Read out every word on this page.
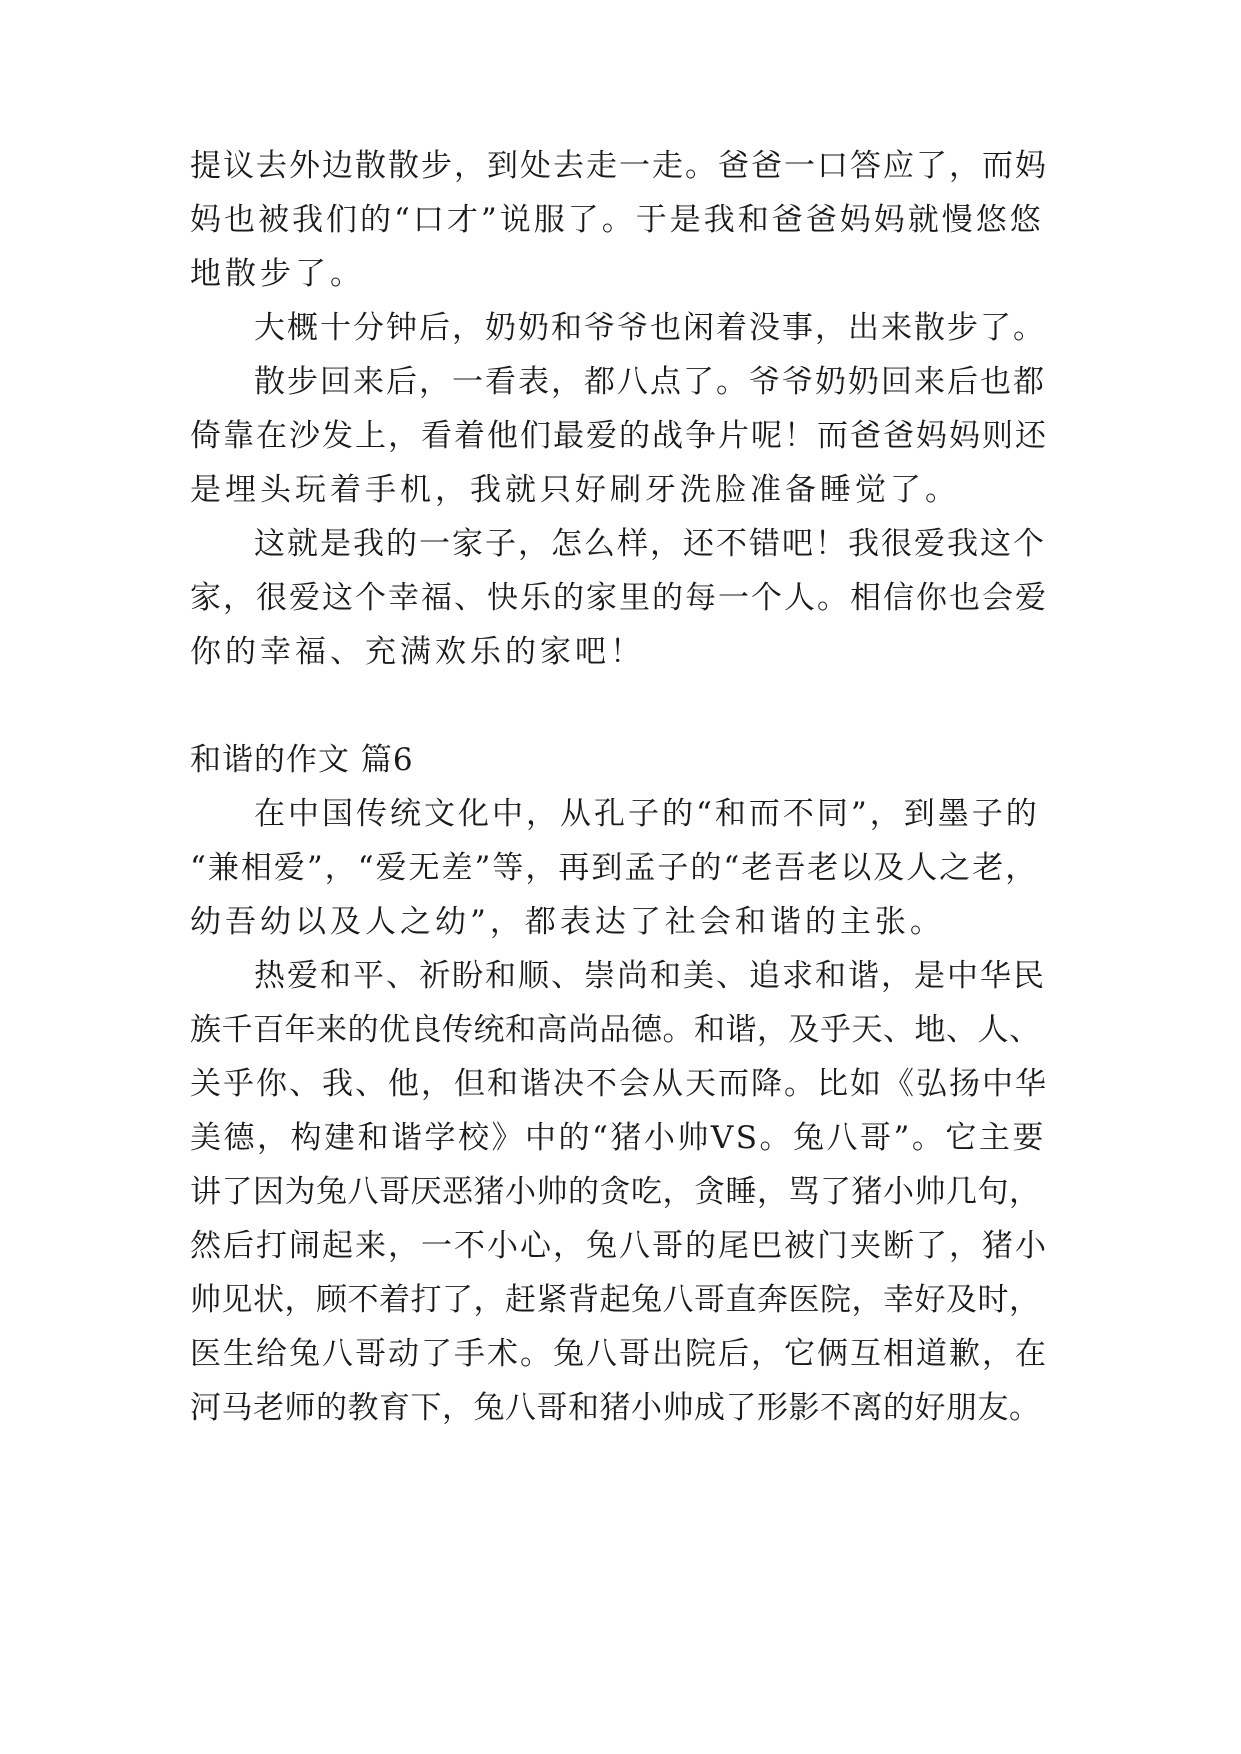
提议去外边散散步，到处去走一走。爸爸一口答应了，而妈
妈也被我们的“口才”说服了。于是我和爸爸妈妈就慢悠悠
地散步了。
大概十分钟后，奶奶和爷爷也闲着没事，出来散步了。
散步回来后，一看表，都八点了。爷爷奶奶回来后也都
倚靠在沙发上，看着他们最爱的战争片呢！而爸爸妈妈则还
是埋头玩着手机，我就只好刷牙洗脸准备睡觉了。
这就是我的一家子，怎么样，还不错吧！我很爱我这个
家，很爱这个幸福、快乐的家里的每一个人。相信你也会爱
你的幸福、充满欢乐的家吧！
和谐的作文 篇6
在中国传统文化中，从孔子的“和而不同”，到墨子的
“兼相爱”，“爱无差”等，再到孟子的“老吾老以及人之老，
幼吾幼以及人之幼”，都表达了社会和谐的主张。
热爱和平、祈盼和顺、崇尚和美、追求和谐，是中华民
族千百年来的优良传统和高尚品德。和谐，及乎天、地、人、
关乎你、我、他，但和谐决不会从天而降。比如《弘扬中华
美德，构建和谐学校》中的“猪小帅VS。兔八哥”。它主要
讲了因为兔八哥厌恶猪小帅的贪吃，贪睡，骂了猪小帅几句，
然后打闹起来，一不小心，兔八哥的尾巴被门夹断了，猪小
帅见状，顾不着打了，赶紧背起兔八哥直奔医院，幸好及时，
医生给兔八哥动了手术。兔八哥出院后，它俩互相道歉，在
河马老师的教育下，兔八哥和猪小帅成了形影不离的好朋友。
